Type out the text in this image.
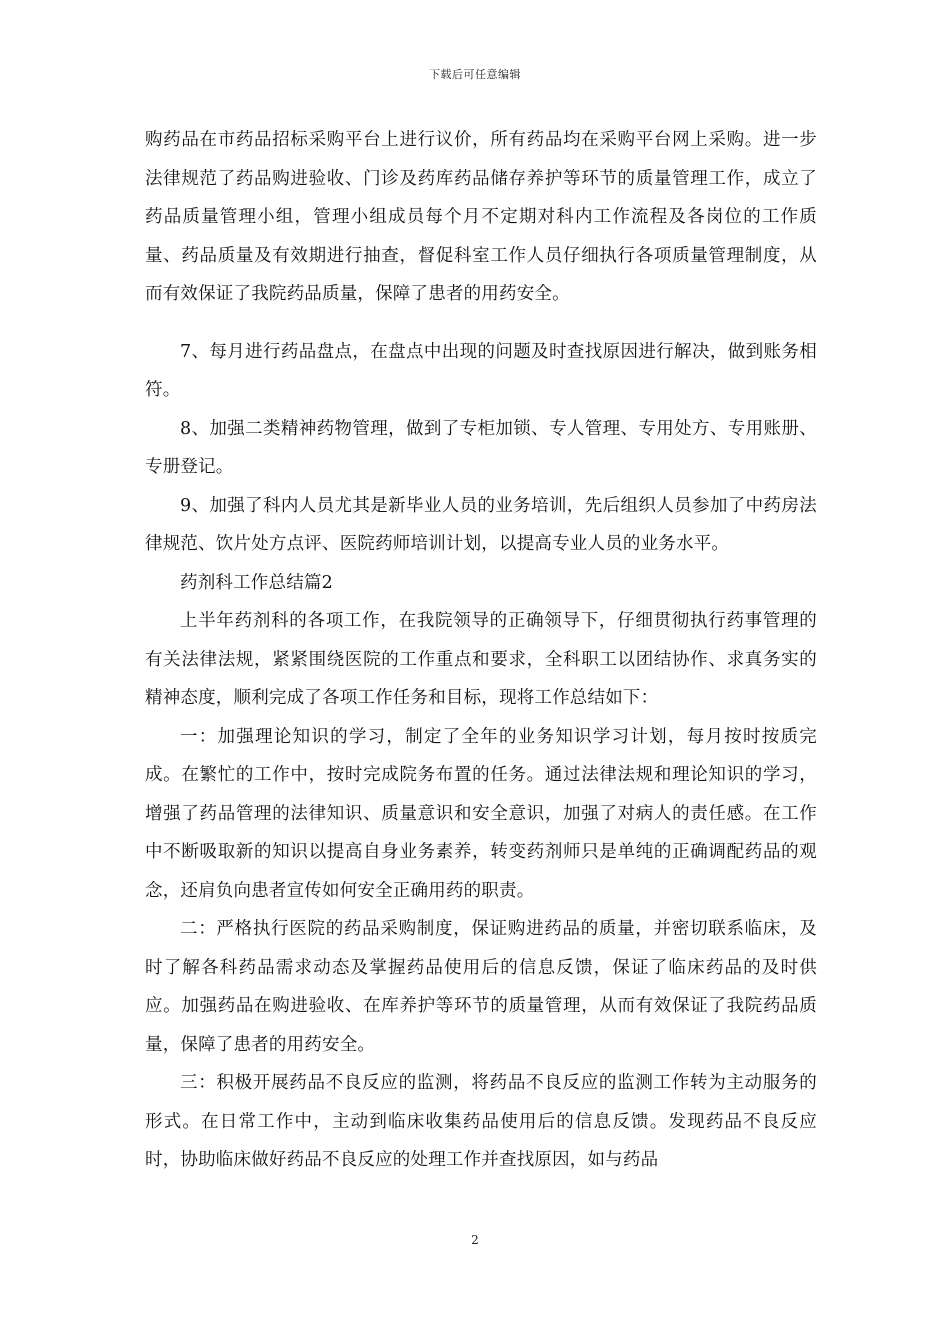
下载后可任意编辑

购药品在市药品招标采购平台上进行议价，所有药品均在采购平台网上采购。进一步法律规范了药品购进验收、门诊及药库药品储存养护等环节的质量管理工作，成立了药品质量管理小组，管理小组成员每个月不定期对科内工作流程及各岗位的工作质量、药品质量及有效期进行抽查，督促科室工作人员仔细执行各项质量管理制度，从而有效保证了我院药品质量，保障了患者的用药安全。

7、每月进行药品盘点，在盘点中出现的问题及时查找原因进行解决，做到账务相符。

8、加强二类精神药物管理，做到了专柜加锁、专人管理、专用处方、专用账册、专册登记。

9、加强了科内人员尤其是新毕业人员的业务培训，先后组织人员参加了中药房法律规范、饮片处方点评、医院药师培训计划，以提高专业人员的业务水平。

药剂科工作总结篇2

上半年药剂科的各项工作，在我院领导的正确领导下，仔细贯彻执行药事管理的有关法律法规，紧紧围绕医院的工作重点和要求，全科职工以团结协作、求真务实的精神态度，顺利完成了各项工作任务和目标，现将工作总结如下：

一：加强理论知识的学习，制定了全年的业务知识学习计划，每月按时按质完成。在繁忙的工作中，按时完成院务布置的任务。通过法律法规和理论知识的学习，增强了药品管理的法律知识、质量意识和安全意识，加强了对病人的责任感。在工作中不断吸取新的知识以提高自身业务素养，转变药剂师只是单纯的正确调配药品的观念，还肩负向患者宣传如何安全正确用药的职责。

二：严格执行医院的药品采购制度，保证购进药品的质量，并密切联系临床，及时了解各科药品需求动态及掌握药品使用后的信息反馈，保证了临床药品的及时供应。加强药品在购进验收、在库养护等环节的质量管理，从而有效保证了我院药品质量，保障了患者的用药安全。

三：积极开展药品不良反应的监测，将药品不良反应的监测工作转为主动服务的形式。在日常工作中，主动到临床收集药品使用后的信息反馈。发现药品不良反应时，协助临床做好药品不良反应的处理工作并查找原因，如与药品

2
